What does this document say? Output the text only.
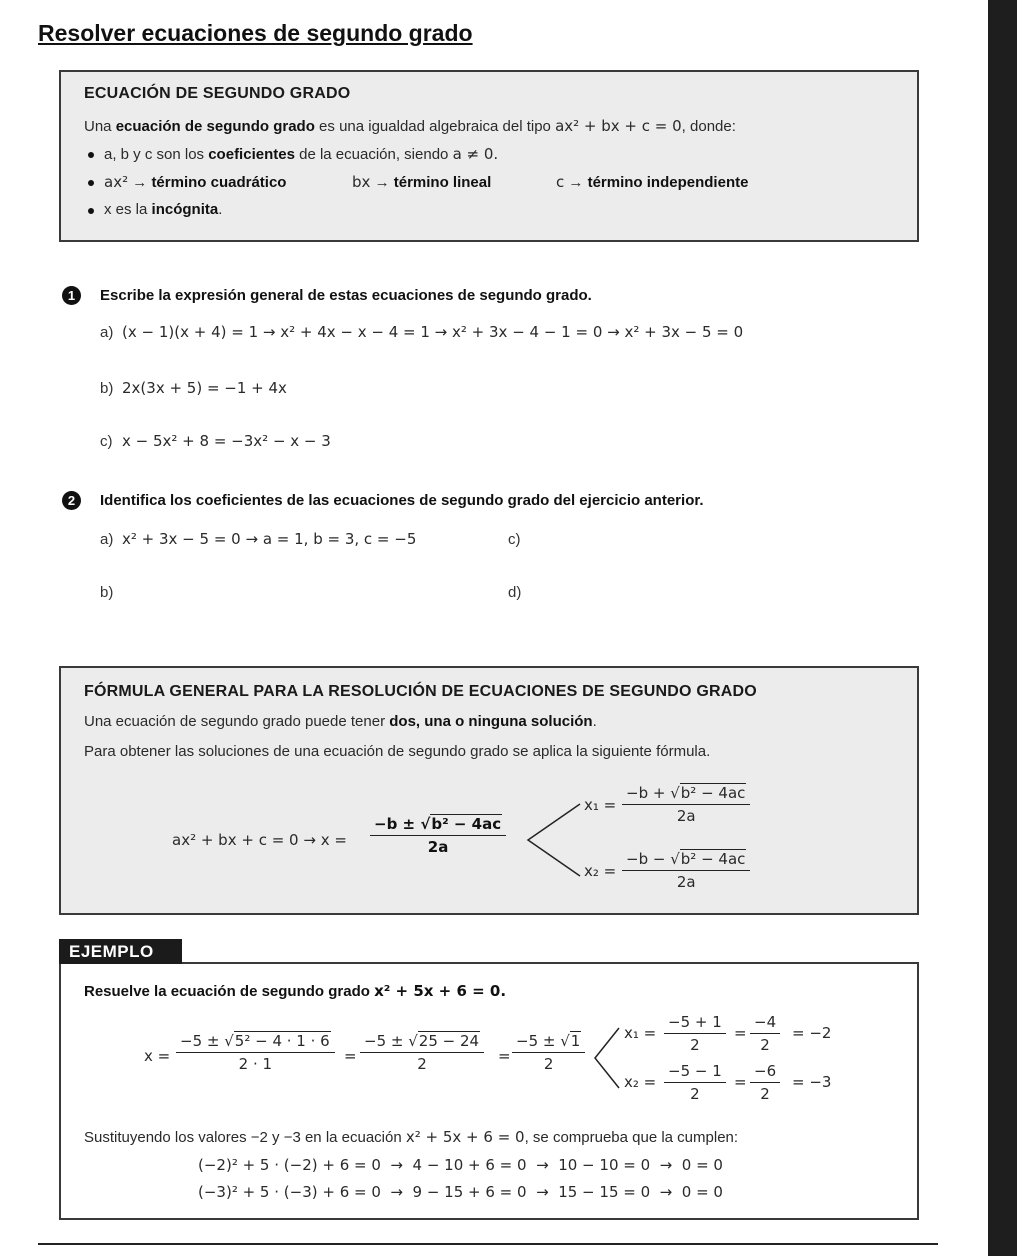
Resolver ecuaciones de segundo grado
ECUACIÓN DE SEGUNDO GRADO
Una ecuación de segundo grado es una igualdad algebraica del tipo ax² + bx + c = 0, donde:
a, b y c son los coeficientes de la ecuación, siendo a ≠ 0.
ax² → término cuadrático	bx → término lineal	c → término independiente
x es la incógnita.
1	Escribe la expresión general de estas ecuaciones de segundo grado.
a) (x − 1)(x + 4) = 1 → x² + 4x − x − 4 = 1 → x² + 3x − 4 − 1 = 0 → x² + 3x − 5 = 0
b) 2x(3x + 5) = −1 + 4x
c) x − 5x² + 8 = −3x² − x − 3
2	Identifica los coeficientes de las ecuaciones de segundo grado del ejercicio anterior.
a) x² + 3x − 5 = 0 → a = 1, b = 3, c = −5	c)
b)	d)
FÓRMULA GENERAL PARA LA RESOLUCIÓN DE ECUACIONES DE SEGUNDO GRADO
Una ecuación de segundo grado puede tener dos, una o ninguna solución.
Para obtener las soluciones de una ecuación de segundo grado se aplica la siguiente fórmula.
ax² + bx + $c = 0 \to x = \frac{\text{−b ± √b² − 4ac}}{2a}$
$x_1 = \frac{\text{−b + √b² − 4ac}}{2a}$
$x_2 = \frac{\text{−b − √b² − 4ac}}{2a}$
EJEMPLO
Resuelve la ecuación de segundo grado x² + 5x + 6 = 0.
$x = \frac{\text{−5 ± √5² − 4 · 1 · 6}}{2 \cdot 1} = \frac{-5 \pm √25 - 24}{2} = \frac{-5 \pm √1}{2}$	$x_1 = \frac{-5 + 1}{2} = \frac{-4}{2} = -2$
$x_2 = \frac{-5 - 1}{2} = \frac{-6}{2} = -3$
Sustituyendo los valores −2 y −3 en la ecuación x² + 5x + 6 = 0, se comprueba que la cumplen:
(−2)² + 5 · (−2) + 6 = 0  →  4 − 10 + 6 = 0  →  10 − 10 = 0  →  0 = 0
(−3)² + 5 · (−3) + 6 = 0  →  9 − 15 + 6 = 0  →  15 − 15 = 0  →  0 = 0
